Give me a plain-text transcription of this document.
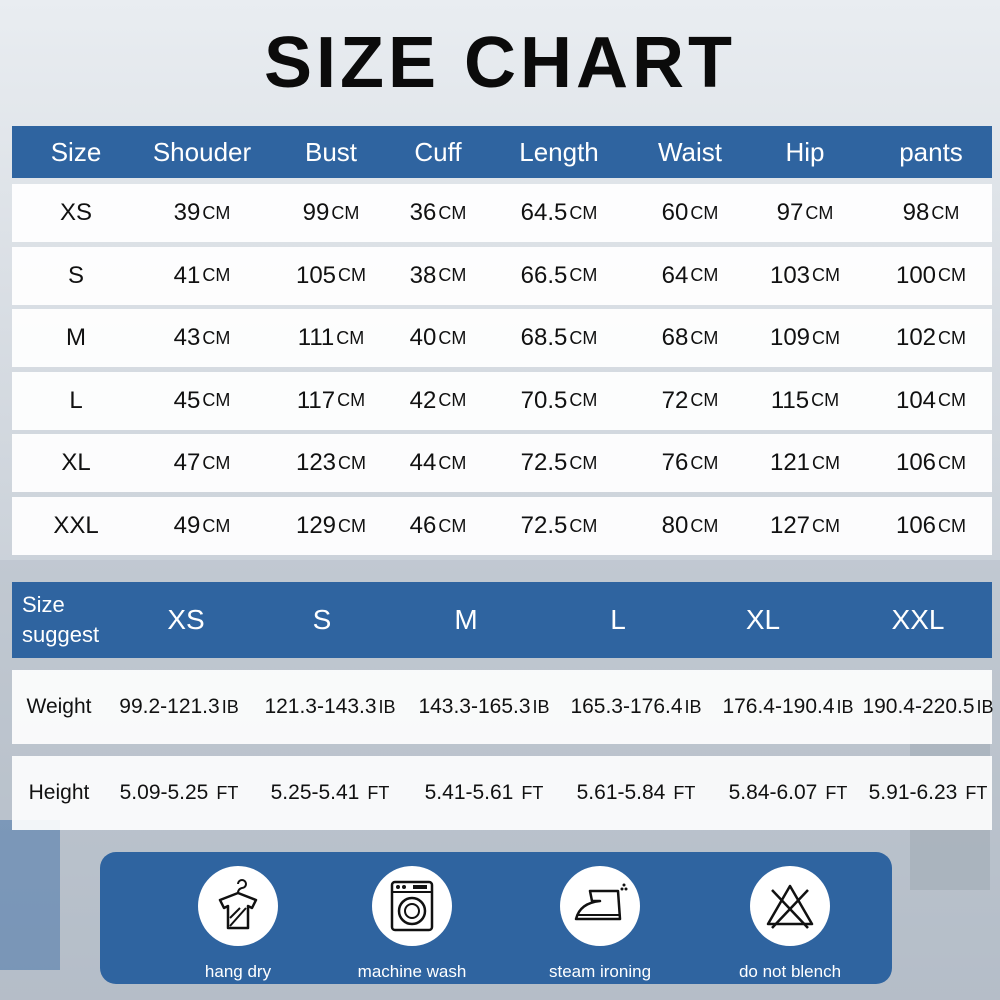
SIZE CHART
Size	Shouder	Bust	Cuff	Length	Waist	Hip	pants
XS	39 CM	99 CM 36 CM 64.5 CM	60 CM 97 CM	98 CM
S	41 CM	105 CM 38 CM 66.5 CM	64 CM 103 CM 100 CM
M	43 CM	111 CM 40 CM 68.5 CM	68 CM 109 CM 102 CM
L	45 CM	117 CM 42 CM 70.5 CM	72 CM 115 CM 104 CM
XL	47 CM	123 CM 44 CM 72.5 CM	76 CM 121 CM 106 CM
XXL	49 CM	129 CM 46 CM 72.5 CM	80 CM 127 CM 106 CM
Size
suggest	XS	S	M	L	XL	XXL
Weight	99.2-121.3 IB 121.3-143.3 IB 143.3-165.3 IB 165.3-176.4 IB 176.4-190.4 IB 190.4-220.5 IB
Height	5.09-5.25 FT 5.25-5.41 FT 5.41-5.61 FT 5.61-5.84 FT 5.84-6.07 FT 5.91-6.23 FT
hang dry	machine wash	steam ironing	do not blench
